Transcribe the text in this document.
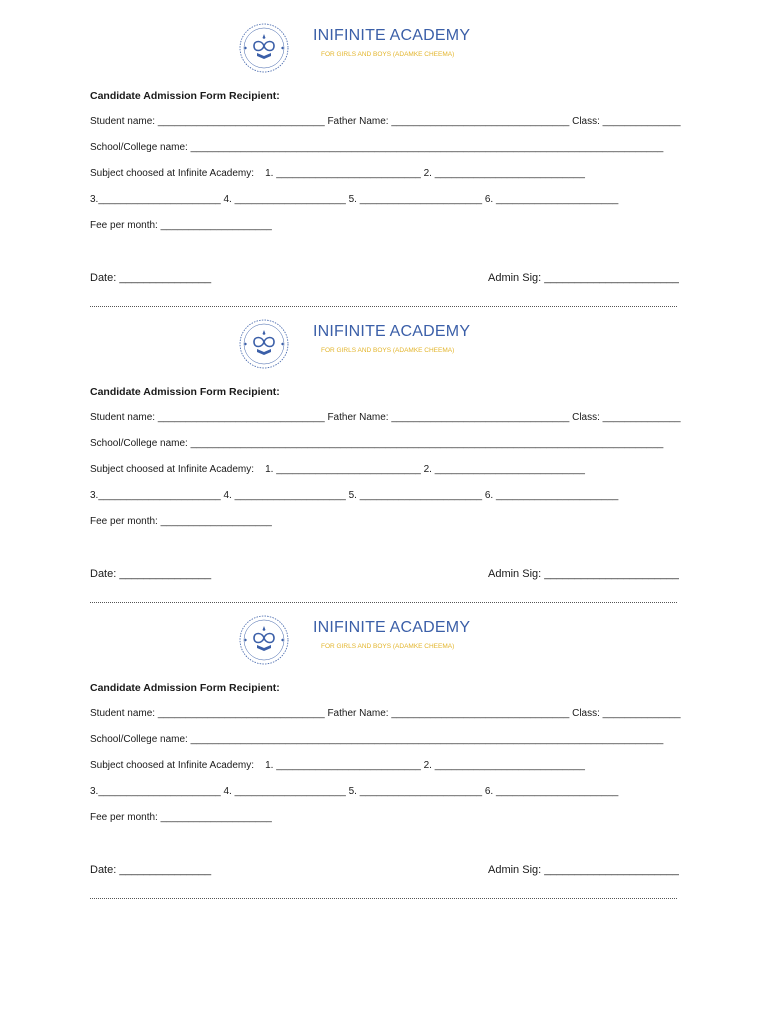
INIFINITE ACADEMY
FOR GIRLS AND BOYS (ADAMKE CHEEMA)
Candidate Admission Form Recipient:
Student name: ______________________________ Father Name: ________________________________ Class: ______________
School/College name: _____________________________________________________________________________________
Subject choosed at Infinite Academy:    1. __________________________ 2. ___________________________
3.______________________ 4. ____________________ 5. ______________________ 6. ______________________
Fee per month: ____________________
Date: _______________	Admin Sig: ______________________
INIFINITE ACADEMY
FOR GIRLS AND BOYS (ADAMKE CHEEMA)
Candidate Admission Form Recipient:
Student name: ______________________________ Father Name: ________________________________ Class: ______________
School/College name: _____________________________________________________________________________________
Subject choosed at Infinite Academy:    1. __________________________ 2. ___________________________
3.______________________ 4. ____________________ 5. ______________________ 6. ______________________
Fee per month: ____________________
Date: _______________	Admin Sig: ______________________
INIFINITE ACADEMY
FOR GIRLS AND BOYS (ADAMKE CHEEMA)
Candidate Admission Form Recipient:
Student name: ______________________________ Father Name: ________________________________ Class: ______________
School/College name: _____________________________________________________________________________________
Subject choosed at Infinite Academy:    1. __________________________ 2. ___________________________
3.______________________ 4. ____________________ 5. ______________________ 6. ______________________
Fee per month: ____________________
Date: _______________	Admin Sig: ______________________
